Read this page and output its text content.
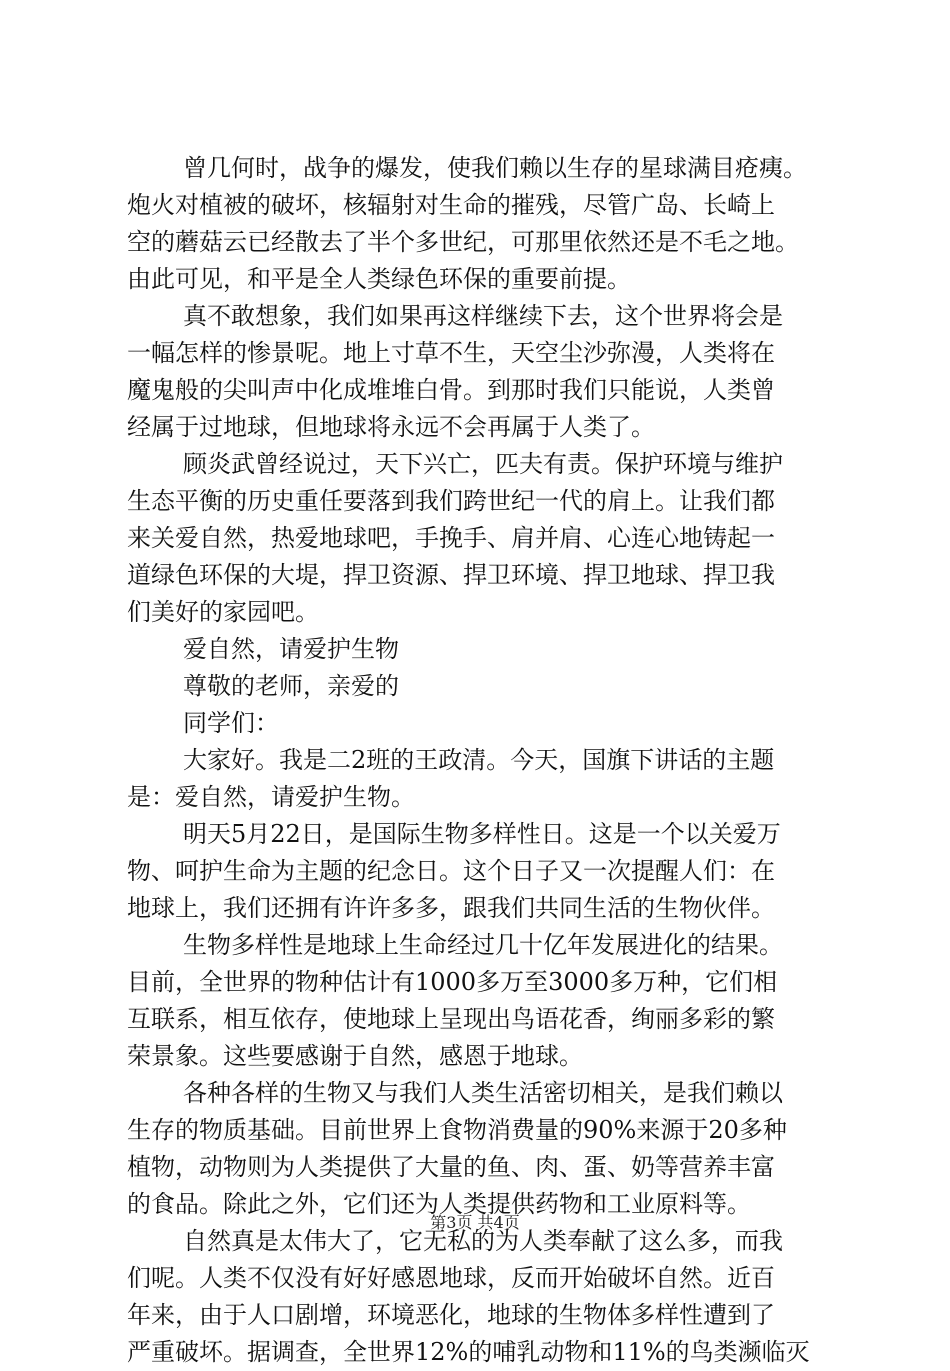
曾几何时，战争的爆发，使我们赖以生存的星球满目疮痍。
炮火对植被的破坏，核辐射对生命的摧残，尽管广岛、长崎上
空的蘑菇云已经散去了半个多世纪，可那里依然还是不毛之地。
由此可见，和平是全人类绿色环保的重要前提。
真不敢想象，我们如果再这样继续下去，这个世界将会是
一幅怎样的惨景呢。地上寸草不生，天空尘沙弥漫，人类将在
魔鬼般的尖叫声中化成堆堆白骨。到那时我们只能说，人类曾
经属于过地球，但地球将永远不会再属于人类了。
顾炎武曾经说过，天下兴亡，匹夫有责。保护环境与维护
生态平衡的历史重任要落到我们跨世纪一代的肩上。让我们都
来关爱自然，热爱地球吧，手挽手、肩并肩、心连心地铸起一
道绿色环保的大堤，捍卫资源、捍卫环境、捍卫地球、捍卫我
们美好的家园吧。
爱自然，请爱护生物
尊敬的老师，亲爱的
同学们：
大家好。我是二2班的王政清。今天，国旗下讲话的主题
是：爱自然，请爱护生物。
明天5月22日，是国际生物多样性日。这是一个以关爱万
物、呵护生命为主题的纪念日。这个日子又一次提醒人们：在
地球上，我们还拥有许许多多，跟我们共同生活的生物伙伴。
生物多样性是地球上生命经过几十亿年发展进化的结果。
目前，全世界的物种估计有1000多万至3000多万种，它们相
互联系，相互依存，使地球上呈现出鸟语花香，绚丽多彩的繁
荣景象。这些要感谢于自然，感恩于地球。
各种各样的生物又与我们人类生活密切相关，是我们赖以
生存的物质基础。目前世界上食物消费量的90%来源于20多种
植物，动物则为人类提供了大量的鱼、肉、蛋、奶等营养丰富
的食品。除此之外，它们还为人类提供药物和工业原料等。
自然真是太伟大了，它无私的为人类奉献了这么多，而我
们呢。人类不仅没有好好感恩地球，反而开始破坏自然。近百
年来，由于人口剧增，环境恶化，地球的生物体多样性遭到了
严重破坏。据调查，全世界12%的哺乳动物和11%的鸟类濒临灭
第3页 共4页
